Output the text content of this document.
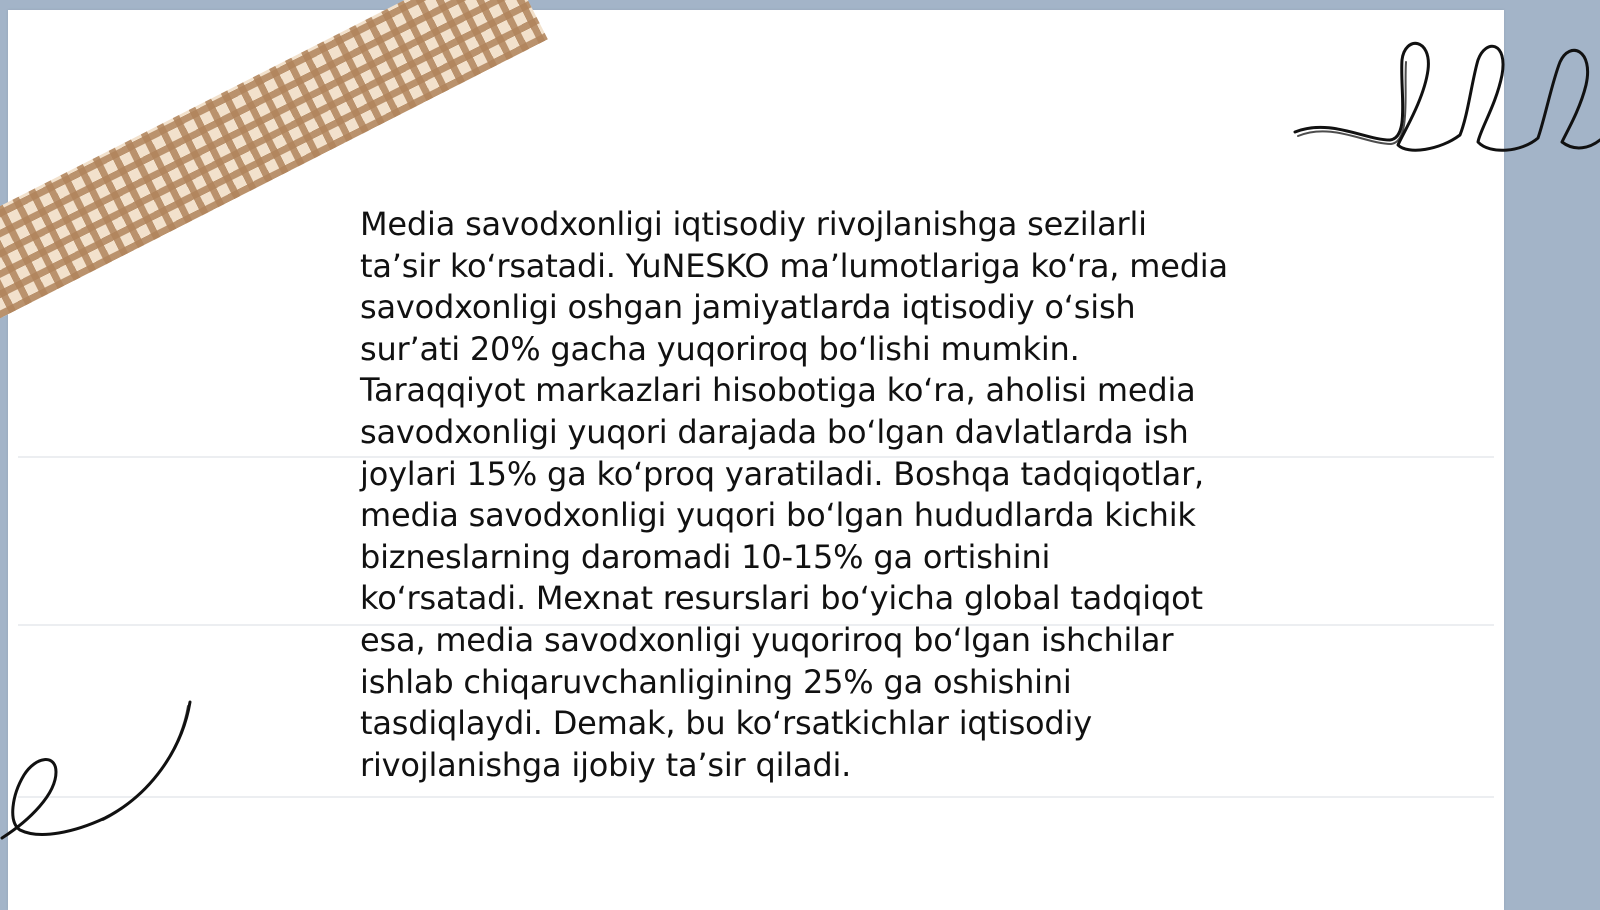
Media savodxonligi iqtisodiy rivojlanishga sezilarli
ta’sir ko‘rsatadi. YuNESKO ma’lumotlariga ko‘ra, media
savodxonligi oshgan jamiyatlarda iqtisodiy o‘sish
sur’ati 20% gacha yuqoriroq bo‘lishi mumkin.
Taraqqiyot markazlari hisobotiga ko‘ra, aholisi media
savodxonligi yuqori darajada bo‘lgan davlatlarda ish
joylari 15% ga ko‘proq yaratiladi. Boshqa tadqiqotlar,
media savodxonligi yuqori bo‘lgan hududlarda kichik
bizneslarning daromadi 10-15% ga ortishini
ko‘rsatadi. Mexnat resurslari bo‘yicha global tadqiqot
esa, media savodxonligi yuqoriroq bo‘lgan ishchilar
ishlab chiqaruvchanligining 25% ga oshishini
tasdiqlaydi. Demak, bu ko‘rsatkichlar iqtisodiy
rivojlanishga ijobiy ta’sir qiladi.
